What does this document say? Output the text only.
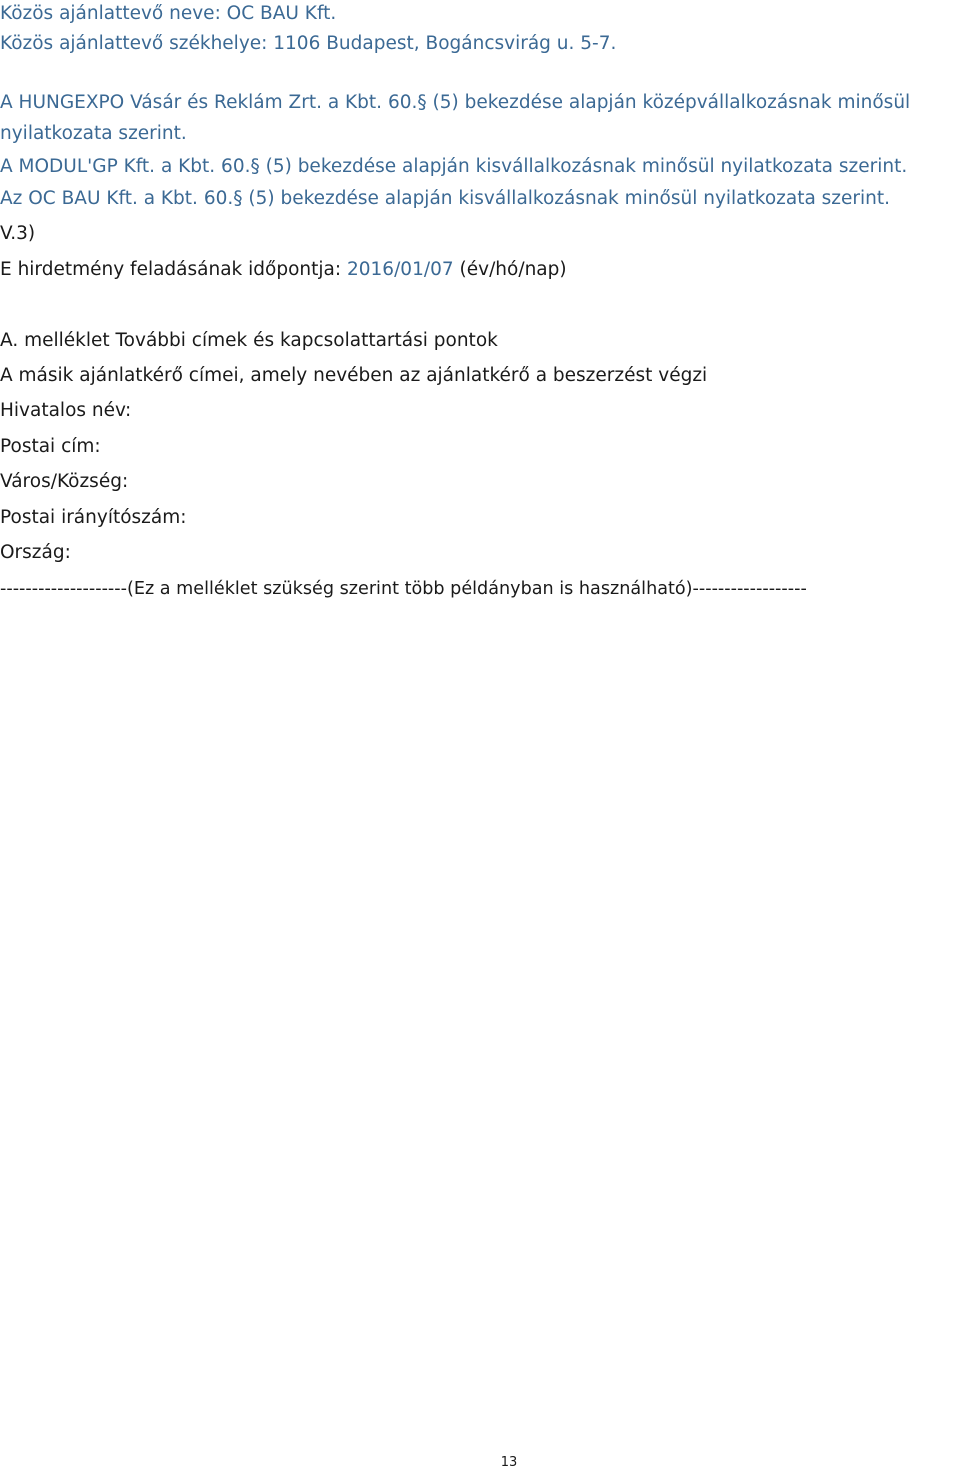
Közös ajánlattevő neve: OC BAU Kft.
Közös ajánlattevő székhelye: 1106 Budapest, Bogáncsvirág u. 5-7.
A HUNGEXPO Vásár és Reklám Zrt. a Kbt. 60.§ (5) bekezdése alapján középvállalkozásnak minősül
nyilatkozata szerint.
A MODUL'GP Kft. a Kbt. 60.§ (5) bekezdése alapján kisvállalkozásnak minősül nyilatkozata szerint.
Az OC BAU Kft. a Kbt. 60.§ (5) bekezdése alapján kisvállalkozásnak minősül nyilatkozata szerint.
V.3)
E hirdetmény feladásának időpontja: 2016/01/07 (év/hó/nap)
A. melléklet További címek és kapcsolattartási pontok
A másik ajánlatkérő címei, amely nevében az ajánlatkérő a beszerzést végzi
Hivatalos név:
Postai cím:
Város/Község:
Postai irányítószám:
Ország:
--------------------(Ez a melléklet szükség szerint több példányban is használható)------------------
13
